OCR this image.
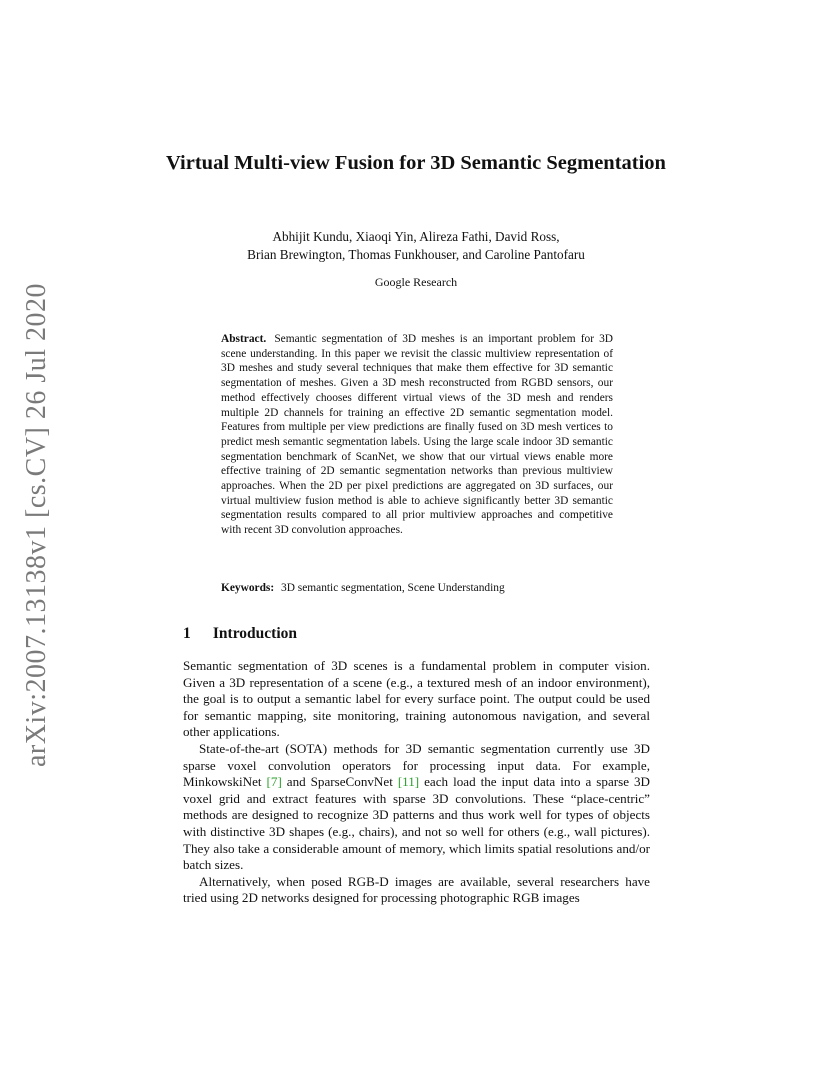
arXiv:2007.13138v1 [cs.CV] 26 Jul 2020
Virtual Multi-view Fusion for 3D Semantic Segmentation
Abhijit Kundu, Xiaoqi Yin, Alireza Fathi, David Ross,
Brian Brewington, Thomas Funkhouser, and Caroline Pantofaru
Google Research
Abstract. Semantic segmentation of 3D meshes is an important problem for 3D scene understanding. In this paper we revisit the classic multiview representation of 3D meshes and study several techniques that make them effective for 3D semantic segmentation of meshes. Given a 3D mesh reconstructed from RGBD sensors, our method effectively chooses different virtual views of the 3D mesh and renders multiple 2D channels for training an effective 2D semantic segmentation model. Features from multiple per view predictions are finally fused on 3D mesh vertices to predict mesh semantic segmentation labels. Using the large scale indoor 3D semantic segmentation benchmark of ScanNet, we show that our virtual views enable more effective training of 2D semantic segmentation networks than previous multiview approaches. When the 2D per pixel predictions are aggregated on 3D surfaces, our virtual multiview fusion method is able to achieve significantly better 3D semantic segmentation results compared to all prior multiview approaches and competitive with recent 3D convolution approaches.
Keywords: 3D semantic segmentation, Scene Understanding
1 Introduction

Semantic segmentation of 3D scenes is a fundamental problem in computer vision. Given a 3D representation of a scene (e.g., a textured mesh of an indoor environment), the goal is to output a semantic label for every surface point. The output could be used for semantic mapping, site monitoring, training autonomous navigation, and several other applications.

State-of-the-art (SOTA) methods for 3D semantic segmentation currently use 3D sparse voxel convolution operators for processing input data. For example, MinkowskiNet [7] and SparseConvNet [11] each load the input data into a sparse 3D voxel grid and extract features with sparse 3D convolutions. These “place-centric” methods are designed to recognize 3D patterns and thus work well for types of objects with distinctive 3D shapes (e.g., chairs), and not so well for others (e.g., wall pictures). They also take a considerable amount of memory, which limits spatial resolutions and/or batch sizes.

Alternatively, when posed RGB-D images are available, several researchers have tried using 2D networks designed for processing photographic RGB images
